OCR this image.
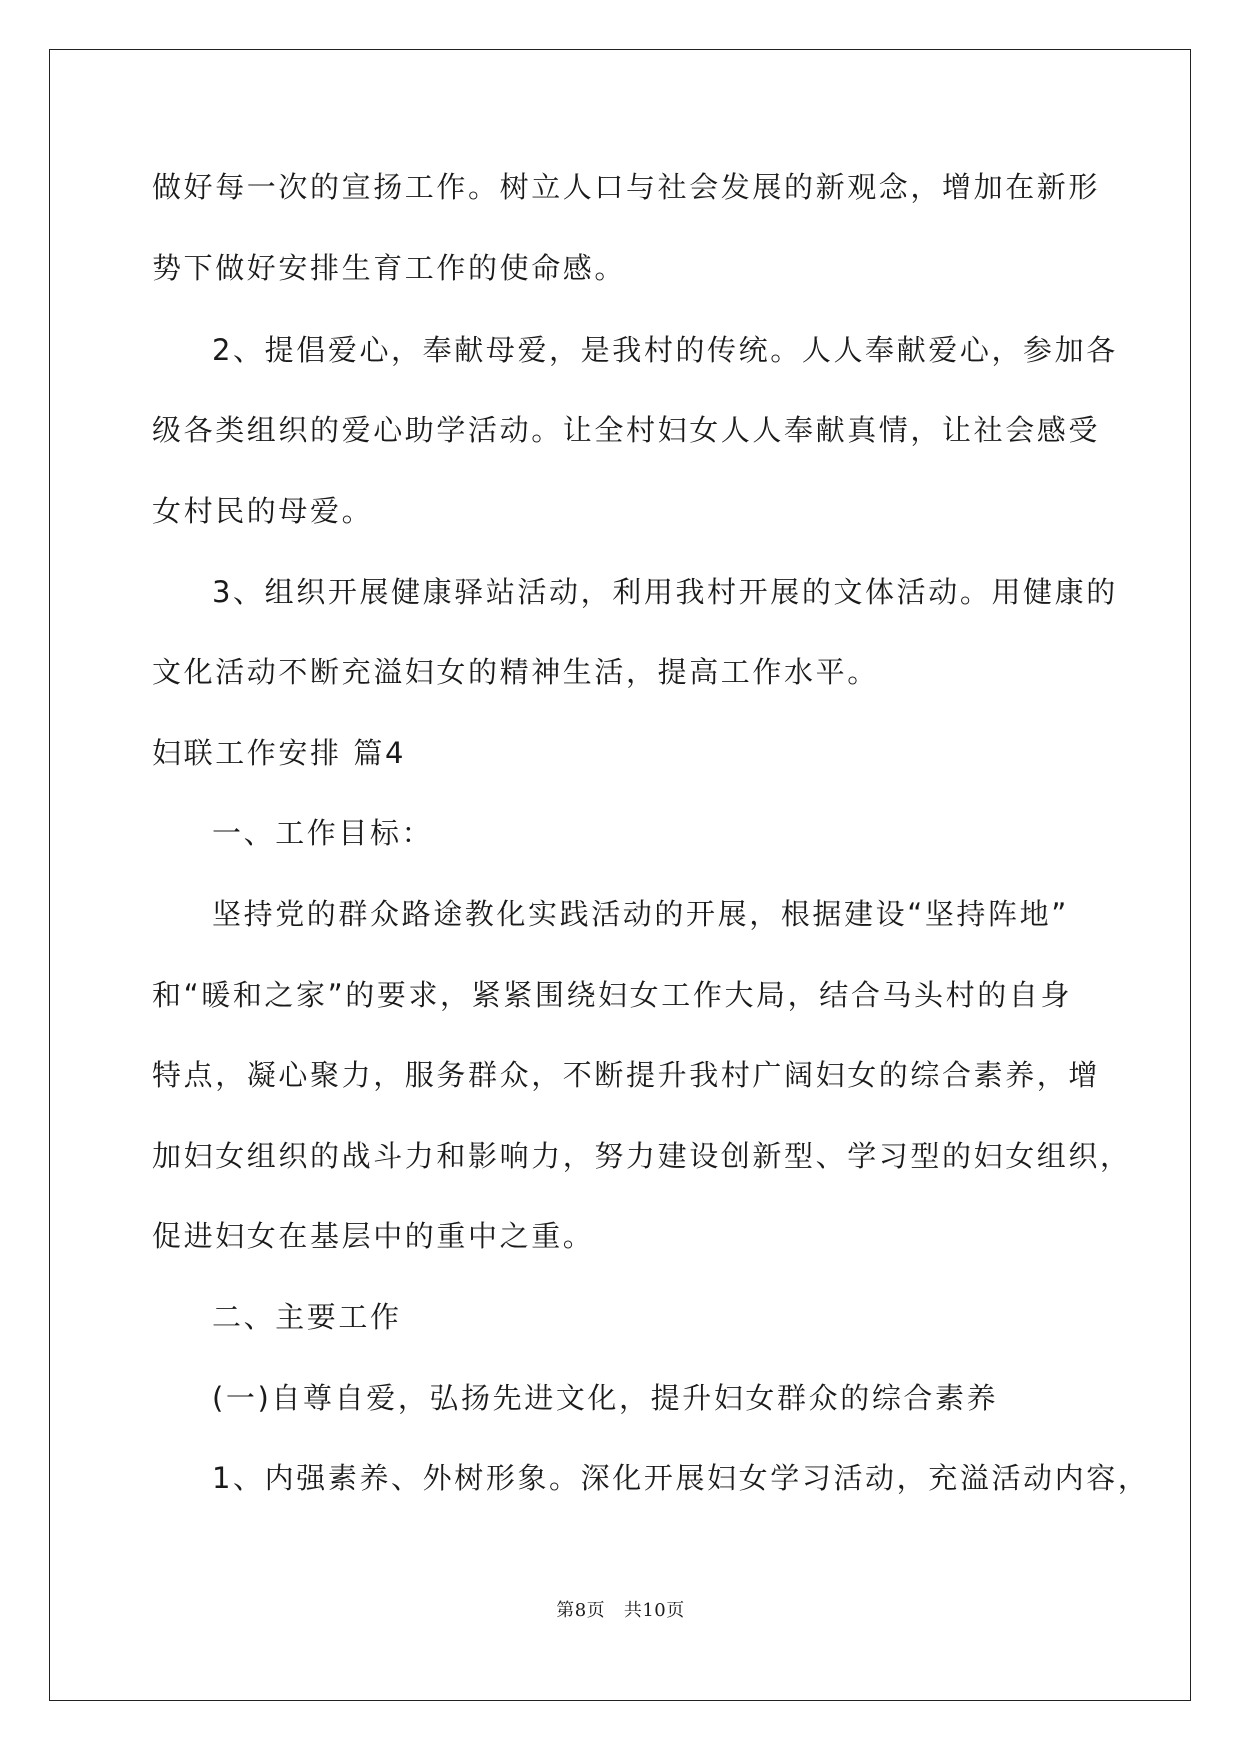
做好每一次的宣扬工作。树立人口与社会发展的新观念，增加在新形
势下做好安排生育工作的使命感。
2、提倡爱心，奉献母爱，是我村的传统。人人奉献爱心，参加各
级各类组织的爱心助学活动。让全村妇女人人奉献真情，让社会感受
女村民的母爱。
3、组织开展健康驿站活动，利用我村开展的文体活动。用健康的
文化活动不断充溢妇女的精神生活，提高工作水平。
妇联工作安排 篇4
一、工作目标：
坚持党的群众路途教化实践活动的开展，根据建设“坚持阵地”
和“暖和之家”的要求，紧紧围绕妇女工作大局，结合马头村的自身
特点，凝心聚力，服务群众，不断提升我村广阔妇女的综合素养，增
加妇女组织的战斗力和影响力，努力建设创新型、学习型的妇女组织，
促进妇女在基层中的重中之重。
二、主要工作
(一)自尊自爱，弘扬先进文化，提升妇女群众的综合素养
1、内强素养、外树形象。深化开展妇女学习活动，充溢活动内容，
第8页   共10页
